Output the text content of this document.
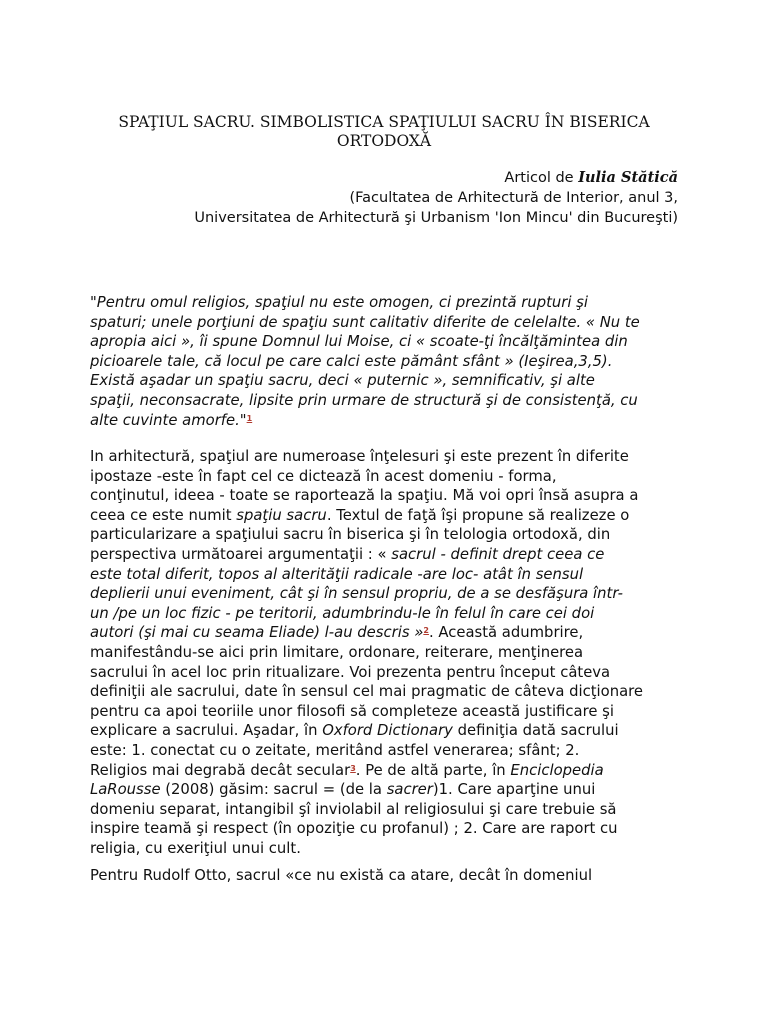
SPAŢIUL SACRU. SIMBOLISTICA SPAŢIULUI SACRU ÎN BISERICA
ORTODOXĂ
Articol de Iulia Stătică
(Facultatea de Arhitectură de Interior, anul 3,
Universitatea de Arhitectură şi Urbanism 'Ion Mincu' din Bucureşti)

"Pentru omul religios, spaţiul nu este omogen, ci prezintă rupturi şi
spaturi; unele porţiuni de spaţiu sunt calitativ diferite de celelalte. « Nu te
apropia aici », îi spune Domnul lui Moise, ci « scoate-ţi încălţămintea din
picioarele tale, că locul pe care calci este pământ sfânt » (Ieşirea,3,5).
Există aşadar un spaţiu sacru, deci « puternic », semnificativ, şi alte
spaţii, neconsacrate, lipsite prin urmare de structură şi de consistenţă, cu
alte cuvinte amorfe."$^1$

In arhitectură, spaţiul are numeroase înţelesuri şi este prezent în diferite
ipostaze -este în fapt cel ce dictează în acest domeniu - forma,
conţinutul, ideea - toate se raportează la spaţiu. Mă voi opri însă asupra a
ceea ce este numit spaţiu sacru. Textul de faţă îşi propune să realizeze o
particularizare a spaţiului sacru în biserica şi în telologia ortodoxă, din
perspectiva următoarei argumentaţii : « sacrul - definit drept ceea ce
este total diferit, topos al alterităţii radicale -are loc- atât în sensul
deplierii unui eveniment, cât şi în sensul propriu, de a se desfăşura într-
un /pe un loc fizic - pe teritorii, adumbrindu-le în felul în care cei doi
autori (şi mai cu seama Eliade) l-au descris »$^2$. Această adumbrire,
manifestându-se aici prin limitare, ordonare, reiterare, menţinerea
sacrului în acel loc prin ritualizare. Voi prezenta pentru început câteva
definiţii ale sacrului, date în sensul cel mai pragmatic de câteva dicţionare
pentru ca apoi teoriile unor filosofi să completeze această justificare şi
explicare a sacrului. Aşadar, în Oxford Dictionary definiţia dată sacrului
este: 1. conectat cu o zeitate, meritând astfel venerarea; sfânt; 2.
Religios mai degrabă decât secular$^3$. Pe de altă parte, în Enciclopedia
LaRousse (2008) găsim: sacrul = (de la sacrer)1. Care aparţine unui
domeniu separat, intangibil şî inviolabil al religiosului şi care trebuie să
inspire teamă şi respect (în opoziţie cu profanul) ; 2. Care are raport cu
religia, cu exeriţiul unui cult.

Pentru Rudolf Otto, sacrul «ce nu există ca atare, decât în domeniul
